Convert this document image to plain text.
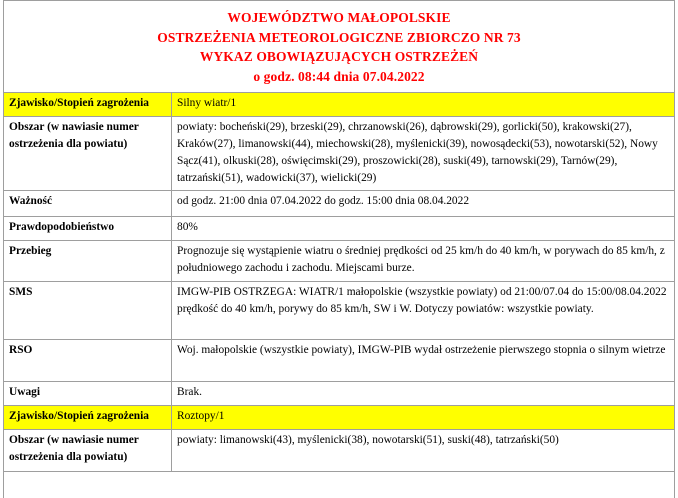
WOJEWÓDZTWO MAŁOPOLSKIE
OSTRZEŻENIA METEOROLOGICZNE ZBIORCZO NR 73
WYKAZ OBOWIĄZUJĄCYCH OSTRZEŻEŃ
o godz. 08:44 dnia 07.04.2022
Zjawisko/Stopień zagrożenia	Silny wiatr/1
Obszar (w nawiasie numer ostrzeżenia dla powiatu)	powiaty: bocheński(29), brzeski(29), chrzanowski(26), dąbrowski(29), gorlicki(50), krakowski(27), Kraków(27), limanowski(44), miechowski(28), myślenicki(39), nowosądecki(53), nowotarski(52), Nowy Sącz(41), olkuski(28), oświęcimski(29), proszowicki(28), suski(49), tarnowski(29), Tarnów(29), tatrzański(51), wadowicki(37), wielicki(29)
Ważność	od godz. 21:00 dnia 07.04.2022 do godz. 15:00 dnia 08.04.2022
Prawdopodobieństwo	80%
Przebieg	Prognozuje się wystąpienie wiatru o średniej prędkości od 25 km/h do 40 km/h, w porywach do 85 km/h, z południowego zachodu i zachodu. Miejscami burze.
SMS	IMGW-PIB OSTRZEGA: WIATR/1 małopolskie (wszystkie powiaty) od 21:00/07.04 do 15:00/08.04.2022 prędkość do 40 km/h, porywy do 85 km/h, SW i W. Dotyczy powiatów: wszystkie powiaty.
RSO	Woj. małopolskie (wszystkie powiaty), IMGW-PIB wydał ostrzeżenie pierwszego stopnia o silnym wietrze
Uwagi	Brak.
Zjawisko/Stopień zagrożenia	Roztopy/1
Obszar (w nawiasie numer ostrzeżenia dla powiatu)	powiaty: limanowski(43), myślenicki(38), nowotarski(51), suski(48), tatrzański(50)
